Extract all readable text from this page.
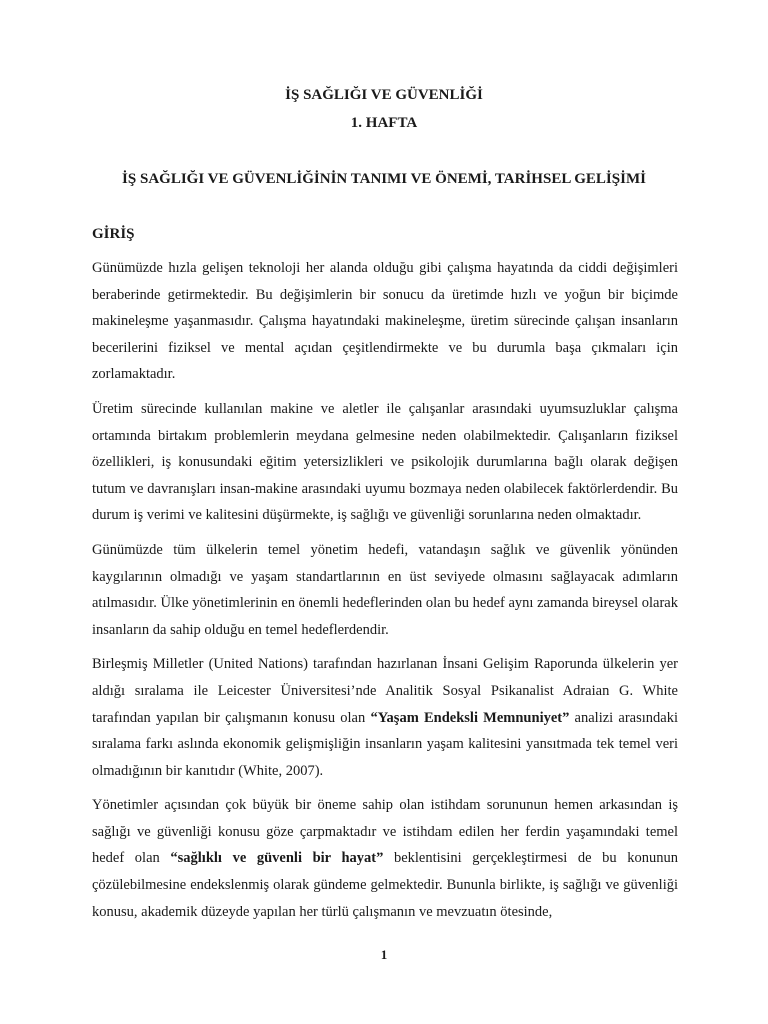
İŞ SAĞLIĞI VE GÜVENLİĞİ
1. HAFTA
İŞ SAĞLIĞI VE GÜVENLİĞİNİN TANIMI VE ÖNEMİ, TARİHSEL GELİŞİMİ
GİRİŞ

Günümüzde hızla gelişen teknoloji her alanda olduğu gibi çalışma hayatında da ciddi değişimleri beraberinde getirmektedir. Bu değişimlerin bir sonucu da üretimde hızlı ve yoğun bir biçimde makineleşme yaşanmasıdır. Çalışma hayatındaki makineleşme, üretim sürecinde çalışan insanların becerilerini fiziksel ve mental açıdan çeşitlendirmekte ve bu durumla başa çıkmaları için zorlamaktadır.

Üretim sürecinde kullanılan makine ve aletler ile çalışanlar arasındaki uyumsuzluklar çalışma ortamında birtakım problemlerin meydana gelmesine neden olabilmektedir. Çalışanların fiziksel özellikleri, iş konusundaki eğitim yetersizlikleri ve psikolojik durumlarına bağlı olarak değişen tutum ve davranışları insan-makine arasındaki uyumu bozmaya neden olabilecek faktörlerdendir. Bu durum iş verimi ve kalitesini düşürmekte, iş sağlığı ve güvenliği sorunlarına neden olmaktadır.

Günümüzde tüm ülkelerin temel yönetim hedefi, vatandaşın sağlık ve güvenlik yönünden kaygılarının olmadığı ve yaşam standartlarının en üst seviyede olmasını sağlayacak adımların atılmasıdır. Ülke yönetimlerinin en önemli hedeflerinden olan bu hedef aynı zamanda bireysel olarak insanların da sahip olduğu en temel hedeflerdendir.

Birleşmiş Milletler (United Nations) tarafından hazırlanan İnsani Gelişim Raporunda ülkelerin yer aldığı sıralama ile Leicester Üniversitesi’nde Analitik Sosyal Psikanalist Adraian G. White tarafından yapılan bir çalışmanın konusu olan “Yaşam Endeksli Memnuniyet” analizi arasındaki sıralama farkı aslında ekonomik gelişmişliğin insanların yaşam kalitesini yansıtmada tek temel veri olmadığının bir kanıtıdır (White, 2007).

Yönetimler açısından çok büyük bir öneme sahip olan istihdam sorununun hemen arkasından iş sağlığı ve güvenliği konusu göze çarpmaktadır ve istihdam edilen her ferdin yaşamındaki temel hedef olan “sağlıklı ve güvenli bir hayat” beklentisini gerçekleştirmesi de bu konunun çözülebilmesine endekslenmiş olarak gündeme gelmektedir. Bununla birlikte, iş sağlığı ve güvenliği konusu, akademik düzeyde yapılan her türlü çalışmanın ve mevzuatın ötesinde,

1
